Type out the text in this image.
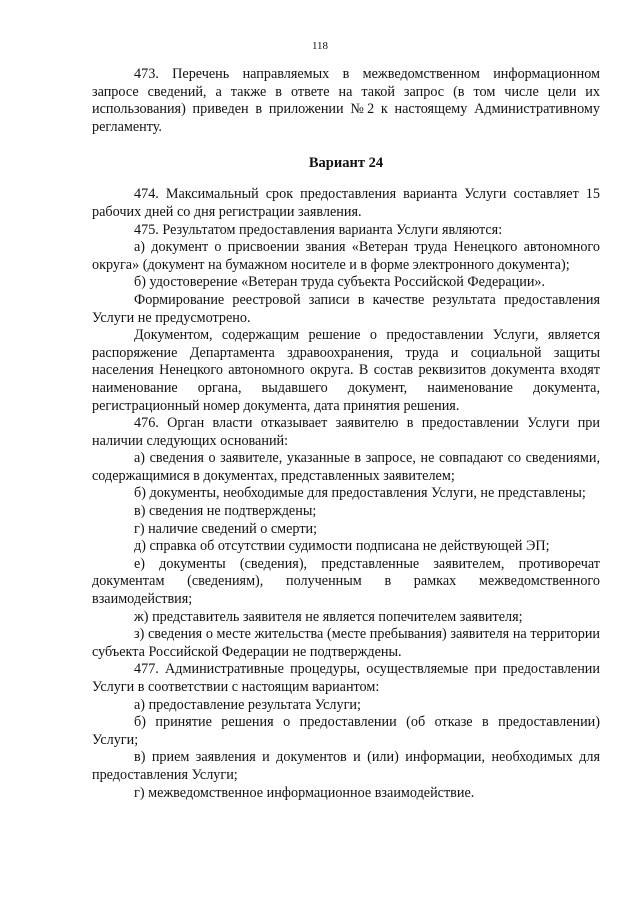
118

473. Перечень направляемых в межведомственном информационном запросе сведений, а также в ответе на такой запрос (в том числе цели их использования) приведен в приложении №2 к настоящему Административному регламенту.

Вариант 24

474. Максимальный срок предоставления варианта Услуги составляет 15 рабочих дней со дня регистрации заявления.

475. Результатом предоставления варианта Услуги являются:

а) документ о присвоении звания «Ветеран труда Ненецкого автономного округа» (документ на бумажном носителе и в форме электронного документа);

б) удостоверение «Ветеран труда субъекта Российской Федерации».

Формирование реестровой записи в качестве результата предоставления Услуги не предусмотрено.

Документом, содержащим решение о предоставлении Услуги, является распоряжение Департамента здравоохранения, труда и социальной защиты населения Ненецкого автономного округа. В состав реквизитов документа входят наименование органа, выдавшего документ, наименование документа, регистрационный номер документа, дата принятия решения.

476. Орган власти отказывает заявителю в предоставлении Услуги при наличии следующих оснований:

а) сведения о заявителе, указанные в запросе, не совпадают со сведениями, содержащимися в документах, представленных заявителем;

б) документы, необходимые для предоставления Услуги, не представлены;

в) сведения не подтверждены;

г) наличие сведений о смерти;

д) справка об отсутствии судимости подписана не действующей ЭП;

е) документы (сведения), представленные заявителем, противоречат документам (сведениям), полученным в рамках межведомственного взаимодействия;

ж) представитель заявителя не является попечителем заявителя;

з) сведения о месте жительства (месте пребывания) заявителя на территории субъекта Российской Федерации не подтверждены.

477. Административные процедуры, осуществляемые при предоставлении Услуги в соответствии с настоящим вариантом:

а) предоставление результата Услуги;

б) принятие решения о предоставлении (об отказе в предоставлении) Услуги;

в) прием заявления и документов и (или) информации, необходимых для предоставления Услуги;

г) межведомственное информационное взаимодействие.
